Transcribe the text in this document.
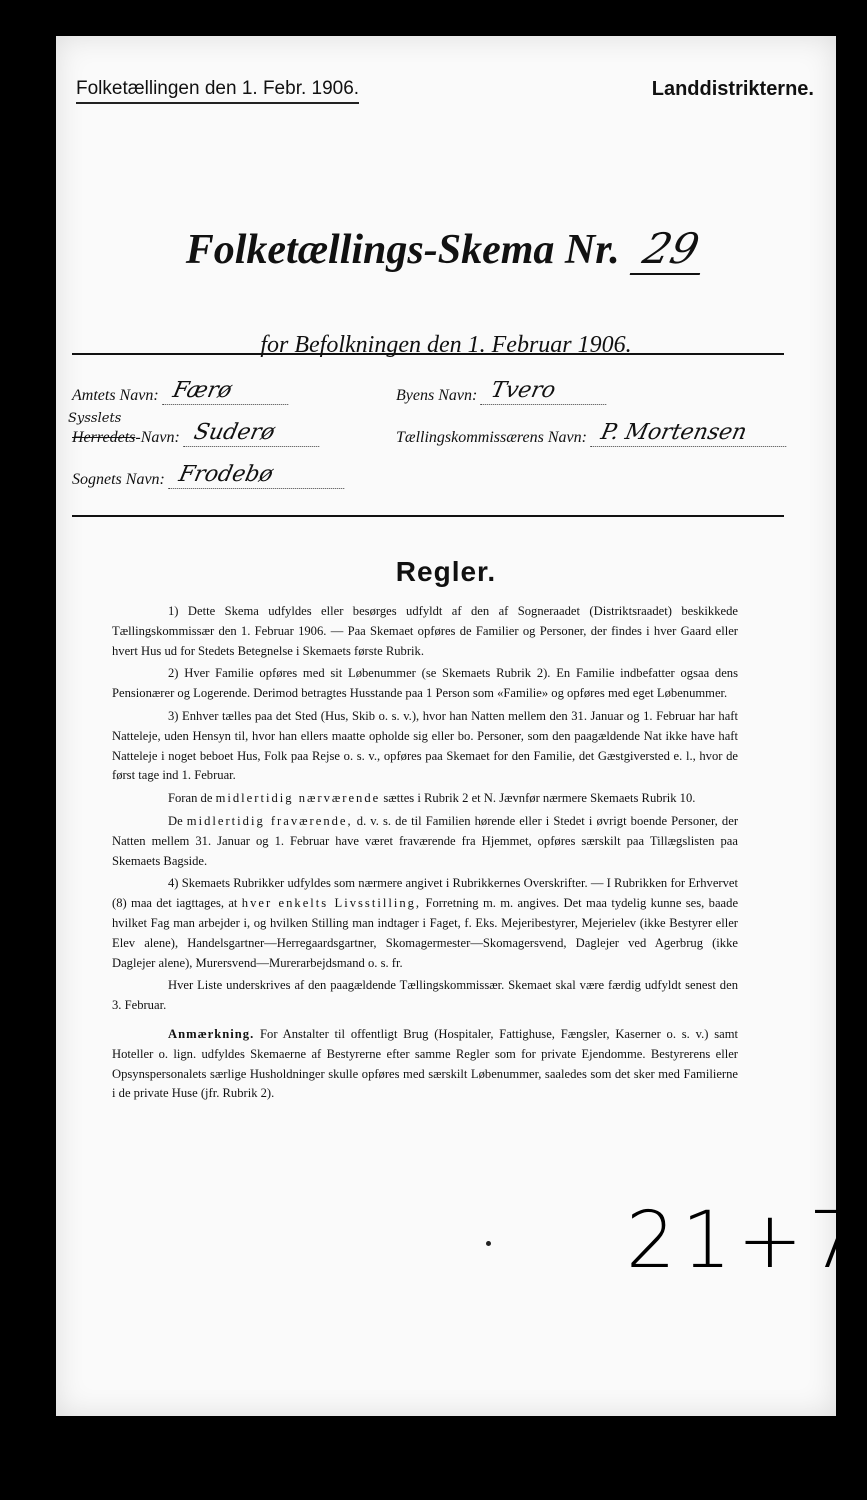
Folketællingen den 1. Febr. 1906.	Landdistrikterne.
Folketællings-Skema Nr. 29
for Befolkningen den 1. Februar 1906.
Amtets Navn: Færø	Byens Navn: Tvero
Sysslets
Herredets-Navn: Suderø	Tællingskommissærens Navn: P. Mortensen
Sognets Navn: Frodebø
Regler.

1) Dette Skema udfyldes eller besørges udfyldt af den af Sogneraadet (Distriktsraadet) beskikkede Tællingskommissær den 1. Februar 1906. — Paa Skemaet opføres de Familier og Personer, der findes i hver Gaard eller hvert Hus ud for Stedets Betegnelse i Skemaets første Rubrik.

2) Hver Familie opføres med sit Løbenummer (se Skemaets Rubrik 2). En Familie indbefatter ogsaa dens Pensionærer og Logerende. Derimod betragtes Husstande paa 1 Person som «Familie» og opføres med eget Løbenummer.

3) Enhver tælles paa det Sted (Hus, Skib o. s. v.), hvor han Natten mellem den 31. Januar og 1. Februar har haft Natteleje, uden Hensyn til, hvor han ellers maatte opholde sig eller bo. Personer, som den paagældende Nat ikke have haft Natteleje i noget beboet Hus, Folk paa Rejse o. s. v., opføres paa Skemaet for den Familie, det Gæstgiversted e. l., hvor de først tage ind 1. Februar.

Foran de midlertidig nærværende sættes i Rubrik 2 et N. Jævnfør nærmere Skemaets Rubrik 10.

De midlertidig fraværende, d. v. s. de til Familien hørende eller i Stedet i øvrigt boende Personer, der Natten mellem 31. Januar og 1. Februar have været fraværende fra Hjemmet, opføres særskilt paa Tillægslisten paa Skemaets Bagside.

4) Skemaets Rubrikker udfyldes som nærmere angivet i Rubrikkernes Overskrifter. — I Rubrikken for Erhvervet (8) maa det iagttages, at hver enkelts Livsstilling, Forretning m. m. angives. Det maa tydelig kunne ses, baade hvilket Fag man arbejder i, og hvilken Stilling man indtager i Faget, f. Eks. Mejeribestyrer, Mejerielev (ikke Bestyrer eller Elev alene), Handelsgartner—Herregaardsgartner, Skomagermester—Skomagersvend, Daglejer ved Agerbrug (ikke Daglejer alene), Murersvend—Murerarbejdsmand o. s. fr.

Hver Liste underskrives af den paagældende Tællingskommissær. Skemaet skal være færdig udfyldt senest den 3. Februar.

Anmærkning. For Anstalter til offentligt Brug (Hospitaler, Fattighuse, Fængsler, Kaserner o. s. v.) samt Hoteller o. lign. udfyldes Skemaerne af Bestyrerne efter samme Regler som for private Ejendomme. Bestyrerens eller Opsynspersonalets særlige Husholdninger skulle opføres med særskilt Løbenummer, saaledes som det sker med Familierne i de private Huse (jfr. Rubrik 2).

21+7
